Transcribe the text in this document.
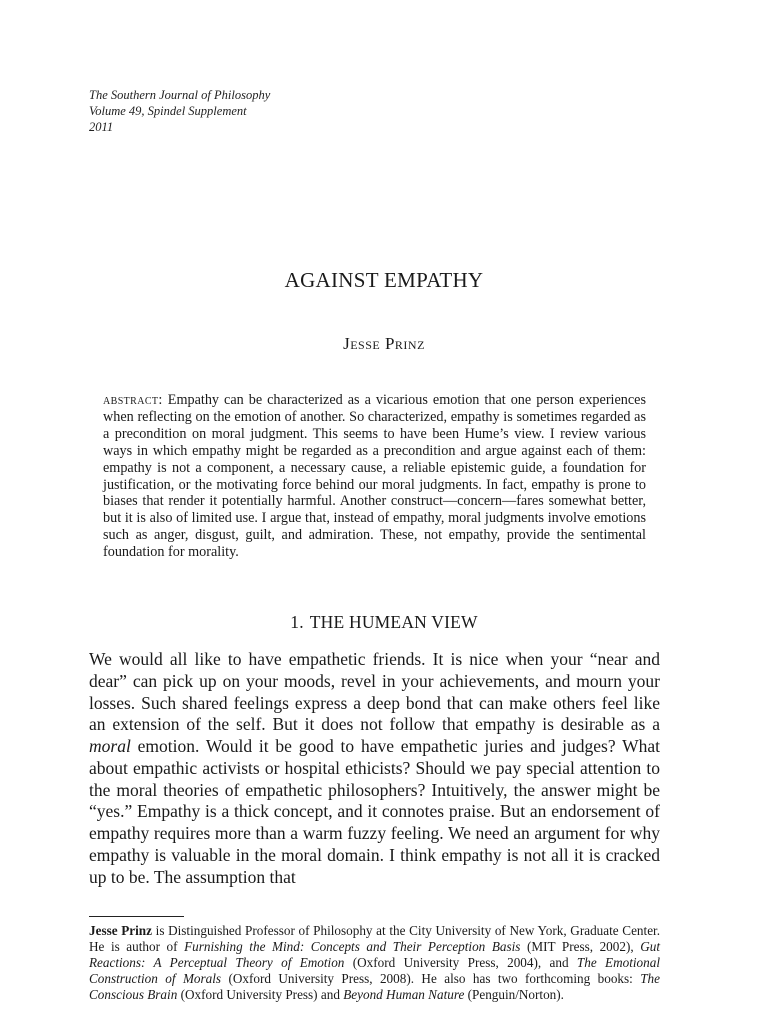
The Southern Journal of Philosophy
Volume 49, Spindel Supplement
2011
AGAINST EMPATHY
Jesse Prinz
abstract: Empathy can be characterized as a vicarious emotion that one person experiences when reflecting on the emotion of another. So characterized, empathy is sometimes regarded as a precondition on moral judgment. This seems to have been Hume’s view. I review various ways in which empathy might be regarded as a precondition and argue against each of them: empathy is not a component, a necessary cause, a reliable epistemic guide, a foundation for justification, or the motivating force behind our moral judgments. In fact, empathy is prone to biases that render it potentially harmful. Another construct—concern—fares somewhat better, but it is also of limited use. I argue that, instead of empathy, moral judgments involve emotions such as anger, disgust, guilt, and admiration. These, not empathy, provide the sentimental foundation for morality.
1. THE HUMEAN VIEW
We would all like to have empathetic friends. It is nice when your “near and dear” can pick up on your moods, revel in your achievements, and mourn your losses. Such shared feelings express a deep bond that can make others feel like an extension of the self. But it does not follow that empathy is desirable as a moral emotion. Would it be good to have empathetic juries and judges? What about empathic activists or hospital ethicists? Should we pay special attention to the moral theories of empathetic philosophers? Intuitively, the answer might be “yes.” Empathy is a thick concept, and it connotes praise. But an endorsement of empathy requires more than a warm fuzzy feeling. We need an argument for why empathy is valuable in the moral domain. I think empathy is not all it is cracked up to be. The assumption that
Jesse Prinz is Distinguished Professor of Philosophy at the City University of New York, Graduate Center. He is author of Furnishing the Mind: Concepts and Their Perception Basis (MIT Press, 2002), Gut Reactions: A Perceptual Theory of Emotion (Oxford University Press, 2004), and The Emotional Construction of Morals (Oxford University Press, 2008). He also has two forthcoming books: The Conscious Brain (Oxford University Press) and Beyond Human Nature (Penguin/Norton).
